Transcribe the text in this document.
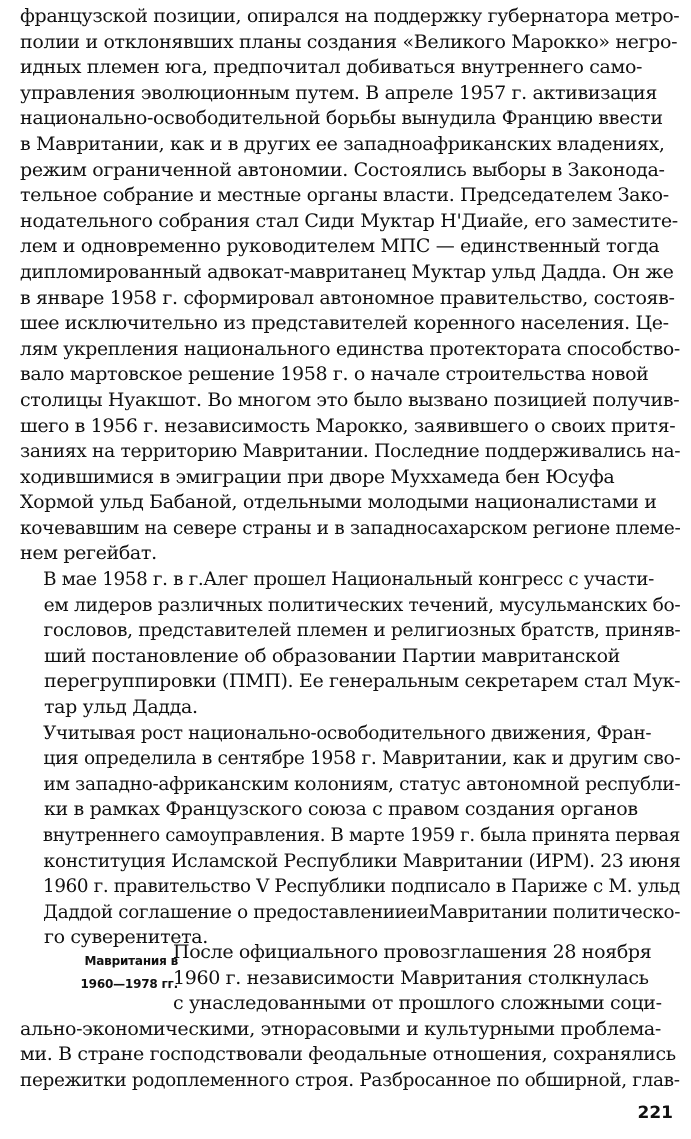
французской позиции, опирался на поддержку губернатора метро-
полии и отклонявших планы создания «Великого Марокко» негро-
идных племен юга, предпочитал добиваться внутреннего само-
управления эволюционным путем. В апреле 1957 г. активизация
национально-освободительной борьбы вынудила Францию ввести
в Мавритании, как и в других ее западноафриканских владениях,
режим ограниченной автономии. Состоялись выборы в Законода-
тельное собрание и местные органы власти. Председателем Зако-
нодательного собрания стал Сиди Муктар Н'Диайе, его заместите-
лем и одновременно руководителем МПС — единственный тогда
дипломированный адвокат-мавританец Муктар ульд Дадда. Он же
в январе 1958 г. сформировал автономное правительство, состояв-
шее исключительно из представителей коренного населения. Це-
лям укрепления национального единства протектората способство-
вало мартовское решение 1958 г. о начале строительства новой
столицы Нуакшот. Во многом это было вызвано позицией получив-
шего в 1956 г. независимость Марокко, заявившего о своих притя-
заниях на территорию Мавритании. Последние поддерживались на-
ходившимися в эмиграции при дворе Муххамеда бен Юсуфа
Хормой ульд Бабаной, отдельными молодыми националистами и
кочевавшим на севере страны и в западносахарском регионе племе-
нем регейбат.

В мае 1958 г. в г.Алег прошел Национальный конгресс с участи-
ем лидеров различных политических течений, мусульманских бо-
гословов, представителей племен и религиозных братств, приняв-
ший постановление об образовании Партии мавританской
перегруппировки (ПМП). Ее генеральным секретарем стал Мук-
тар ульд Дадда.

Учитывая рост национально-освободительного движения, Фран-
ция определила в сентябре 1958 г. Мавритании, как и другим сво-
им западно-африканским колониям, статус автономной республи-
ки в рамках Французского союза с правом создания органов
внутреннего самоуправления. В марте 1959 г. была принята первая
конституция Исламской Республики Мавритании (ИРМ). 23 июня
1960 г. правительство V Республики подписало в Париже с М. ульд
Даддой соглашение о предоставленииеиМавритании политическо-
го суверенитета.

Мавритания в
1960—1978 гг.
После официального провозглашения 28 ноября
1960 г. независимости Мавритания столкнулась
с унаследованными от прошлого сложными соци-
ально-экономическими, этнорасовыми и культурными проблема-
ми. В стране господствовали феодальные отношения, сохранялись
пережитки родоплеменного строя. Разбросанное по обширной, глав-
221
